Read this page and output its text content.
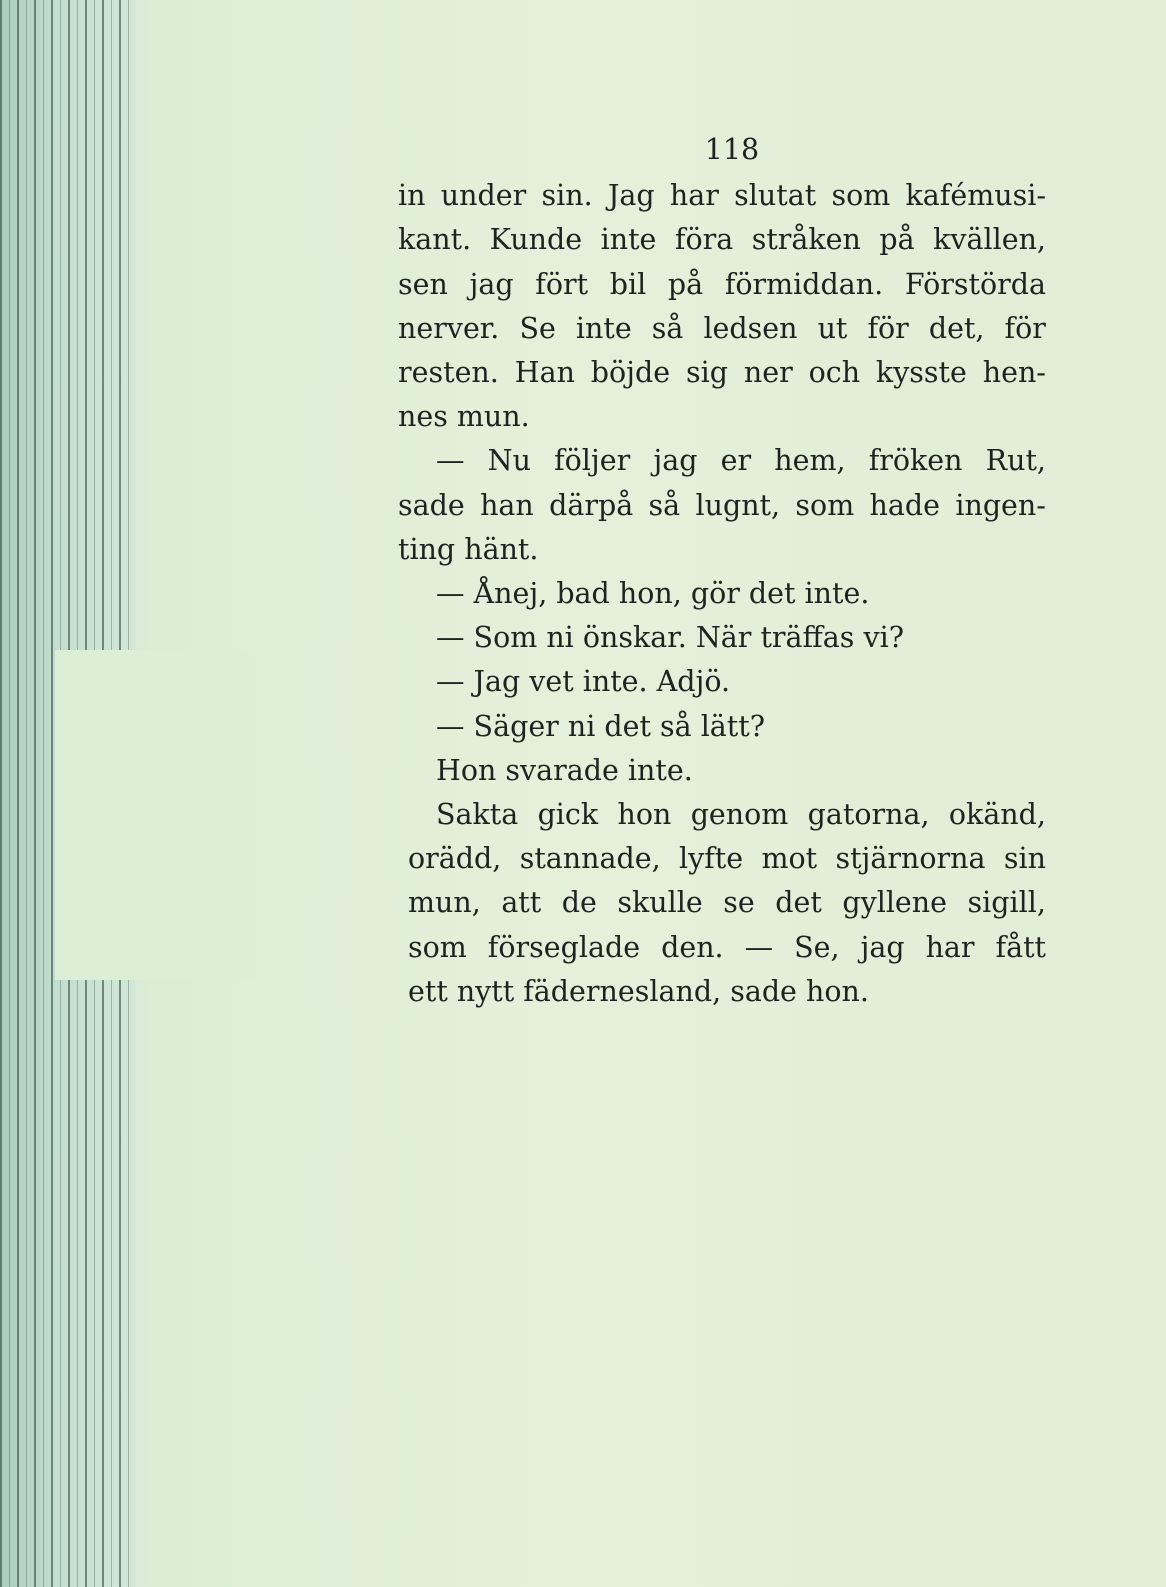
118
in under sin. Jag har slutat som kafémusi-
kant. Kunde inte föra stråken på kvällen,
sen jag fört bil på förmiddan. Förstörda
nerver. Se inte så ledsen ut för det, för
resten. Han böjde sig ner och kysste hen-
nes mun.
— Nu följer jag er hem, fröken Rut,
sade han därpå så lugnt, som hade ingen-
ting hänt.
— Ånej, bad hon, gör det inte.
— Som ni önskar. När träffas vi?
— Jag vet inte. Adjö.
— Säger ni det så lätt?
Hon svarade inte.
Sakta gick hon genom gatorna, okänd,
orädd, stannade, lyfte mot stjärnorna sin
mun, att de skulle se det gyllene sigill,
som förseglade den. — Se, jag har fått
ett nytt fädernesland, sade hon.
